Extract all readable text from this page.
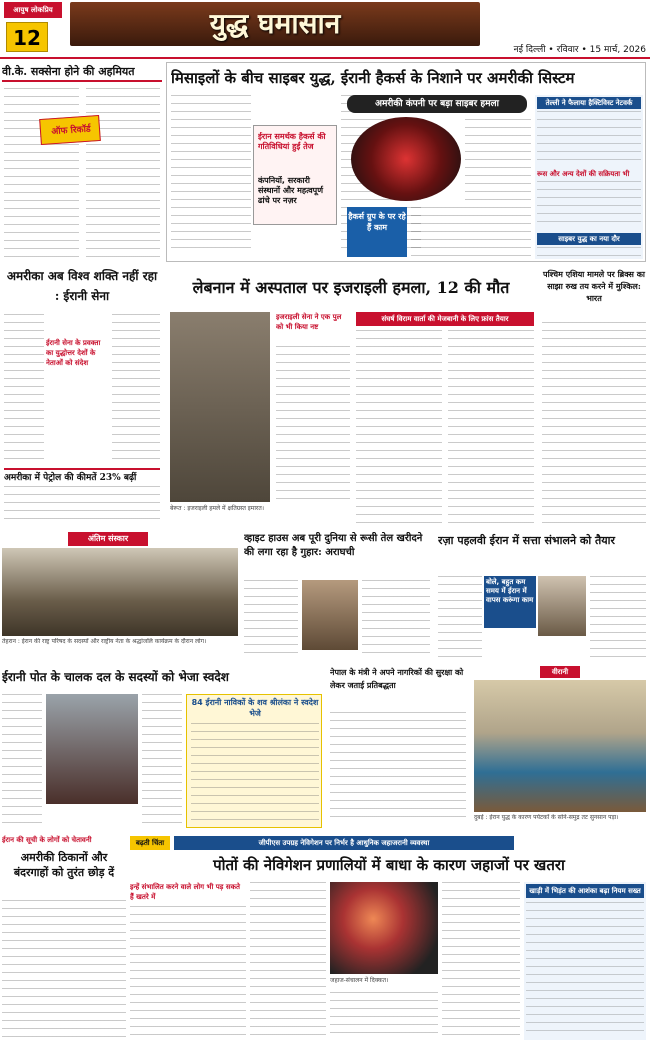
आयुष लोकप्रिय
12	युद्ध घमासान
नई दिल्ली • रविवार • 15 मार्च, 2026
वी.के. सक्सेना होने की अहमियत
ऑफ रिकॉर्ड
मिसाइलों के बीच साइबर युद्ध, ईरानी हैकर्स के निशाने पर अमरीकी सिस्टम
ईरान समर्थक हैकर्स की गतिविधियां हुईं तेज
कंपनियों, सरकारी संस्थानों और महत्वपूर्ण ढांचे पर नज़र
अमरीकी कंपनी पर बड़ा साइबर हमला
हैकर्स ग्रुप के पर रहे हैं काम
तेल्ली ने फैलाया हैक्टिविस्ट नेटवर्क
रूस और अन्य देशों की सक्रियता भी
साइबर युद्ध का नया दौर
अमरीका अब विश्व शक्ति नहीं रहा : ईरानी सेना
ईरानी सेना के प्रवक्ता का युद्धोत्तर देशों के नेताओं को संदेश
अमरीका में पेट्रोल की कीमतें 23% बढ़ीं
लेबनान में अस्पताल पर इजराइली हमला, 12 की मौत
बेरूत : इजराइली हमले में क्षतिग्रस्त इमारत।
इजराइली सेना ने एक पुल को भी किया नष्ट
संघर्ष विराम वार्ता की मेजबानी के लिए फ्रांस तैयार
पश्चिम एशिया मामले पर ब्रिक्स का साझा रुख तय करने में मुश्किल: भारत
अंतिम संस्कार
तेहरान : ईरान की राष्ट्र परिषद के सदस्यों और राष्ट्रीय नेता के श्रद्धांजलि कार्यक्रम के दौरान लोग।
व्हाइट हाउस अब पूरी दुनिया से रूसी तेल खरीदने की लगा रहा है गुहार: अराघची
रज़ा पहलवी ईरान में सत्ता संभालने को तैयार
बोले, बहुत कम समय में ईरान में वापस करूंगा काम
ईरानी पोत के चालक दल के सदस्यों को भेजा स्वदेश
84 ईरानी नाविकों के शव श्रीलंका ने स्वदेश भेजे
नेपाल के मंत्री ने अपने नागरिकों की सुरक्षा को लेकर जताई प्रतिबद्धता
वीरानी
दुबई : ईरान युद्ध के कारण पर्यटकों के सोने-समुद्र तट सुनसान पड़ा।
ईरान की सूची के लोगों को चेतावनी
अमरीकी ठिकानों और बंदरगाहों को तुरंत छोड़ दें
बढ़ती चिंता	जीपीएस उपग्रह नेविगेशन पर निर्भर है आधुनिक जहाजरानी व्यवस्था
पोतों की नेविगेशन प्रणालियों में बाधा के कारण जहाजों पर खतरा
इन्हें संभालित करने वाले लोग भी पड़ सकते हैं खतरे में
जहाज-संचालन में दिक्कत।
खाड़ी में भिड़ंत की आशंका बढ़ा नियम सख्त
